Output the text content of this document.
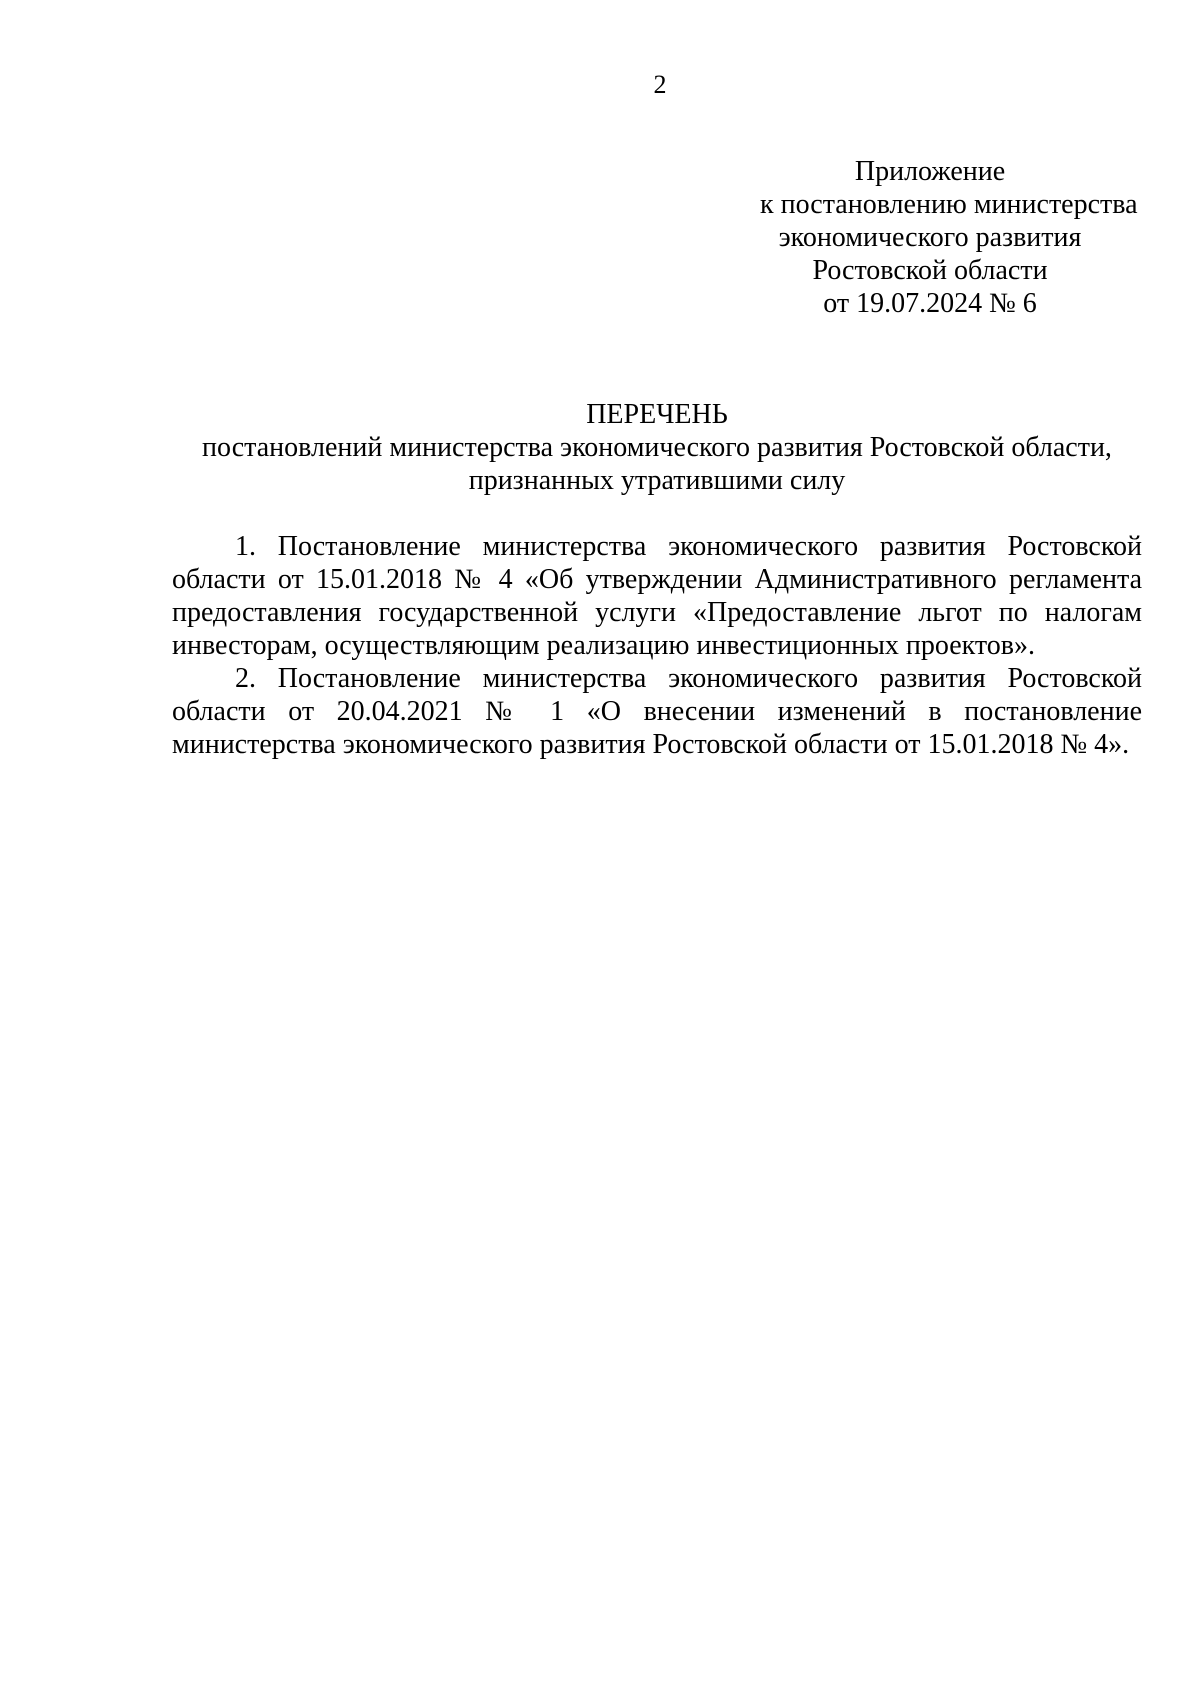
2
Приложение
к постановлению министерства
экономического развития
Ростовской области
от 19.07.2024 № 6
ПЕРЕЧЕНЬ
постановлений министерства экономического развития Ростовской области,
признанных утратившими силу

1. Постановление министерства экономического развития Ростовской области от 15.01.2018 № 4 «Об утверждении Административного регламента предоставления государственной услуги «Предоставление льгот по налогам инвесторам, осуществляющим реализацию инвестиционных проектов».

2. Постановление министерства экономического развития Ростовской области от 20.04.2021 № 1 «О внесении изменений в постановление министерства экономического развития Ростовской области от 15.01.2018 № 4».
